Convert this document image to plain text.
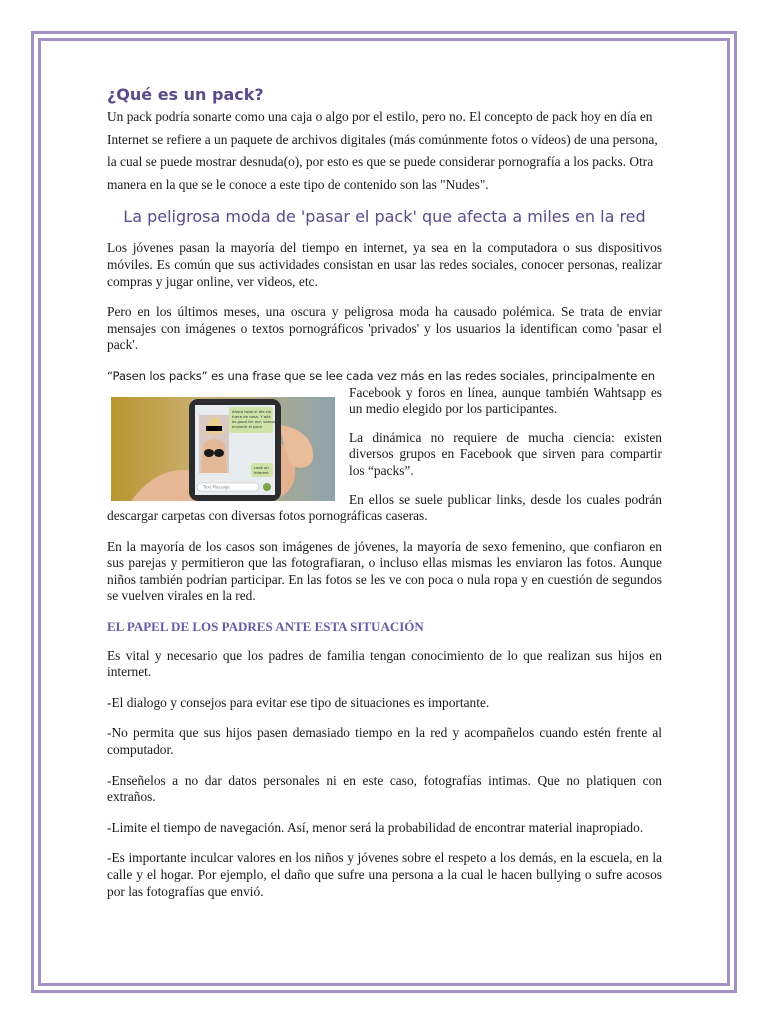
¿Qué es un pack?

Un pack podría sonarte como una caja o algo por el estilo, pero no. El concepto de pack hoy en día en Internet se refiere a un paquete de archivos digitales (más comúnmente fotos o vídeos) de una persona, la cual se puede mostrar desnuda(o), por esto es que se puede considerar pornografía a los packs. Otra manera en la que se le conoce a este tipo de contenido son las "Nudes".

La peligrosa moda de 'pasar el pack' que afecta a miles en la red

Los jóvenes pasan la mayoría del tiempo en internet, ya sea en la computadora o sus dispositivos móviles. Es común que sus actividades consistan en usar las redes sociales, conocer personas, realizar compras y jugar online, ver videos, etc.

Pero en los últimos meses, una oscura y peligrosa moda ha causado polémica. Se trata de enviar mensajes con imágenes o textos pornográficos 'privados' y los usuarios la identifican como 'pasar el pack'.

“Pasen los packs” es una frase que se lee cada vez más en las redes sociales, principalmente en

Ahora todo el día sin
fuera de casa. Y allá
es good for me, vamos a
enviarle el pack
Look on
Interest
Text Message

Facebook y foros en línea, aunque también Wahtsapp es un medio elegido por los participantes.

La dinámica no requiere de mucha ciencia: existen diversos grupos en Facebook que sirven para compartir los “packs”.

En ellos se suele publicar links, desde los cuales podrán descargar carpetas con diversas fotos pornográficas caseras.

En la mayoría de los casos son imágenes de jóvenes, la mayoría de sexo femenino, que confiaron en sus parejas y permitieron que las fotografiaran, o incluso ellas mismas les enviaron las fotos. Aunque niños también podrían participar. En las fotos se les ve con poca o nula ropa y en cuestión de segundos se vuelven virales en la red.

EL PAPEL DE LOS PADRES ANTE ESTA SITUACIÓN

Es vital y necesario que los padres de familia tengan conocimiento de lo que realizan sus hijos en internet.

-El dialogo y consejos para evitar ese tipo de situaciones es importante.

-No permita que sus hijos pasen demasiado tiempo en la red y acompañelos cuando estén frente al computador.

-Enseñelos a no dar datos personales ni en este caso, fotografías intimas. Que no platiquen con extraños.

-Limite el tiempo de navegación. Así, menor será la probabilidad de encontrar material inapropiado.

-Es importante inculcar valores en los niños y jóvenes sobre el respeto a los demás, en la escuela, en la calle y el hogar. Por ejemplo, el daño que sufre una persona a la cual le hacen bullying o sufre acosos por las fotografías que envió.
